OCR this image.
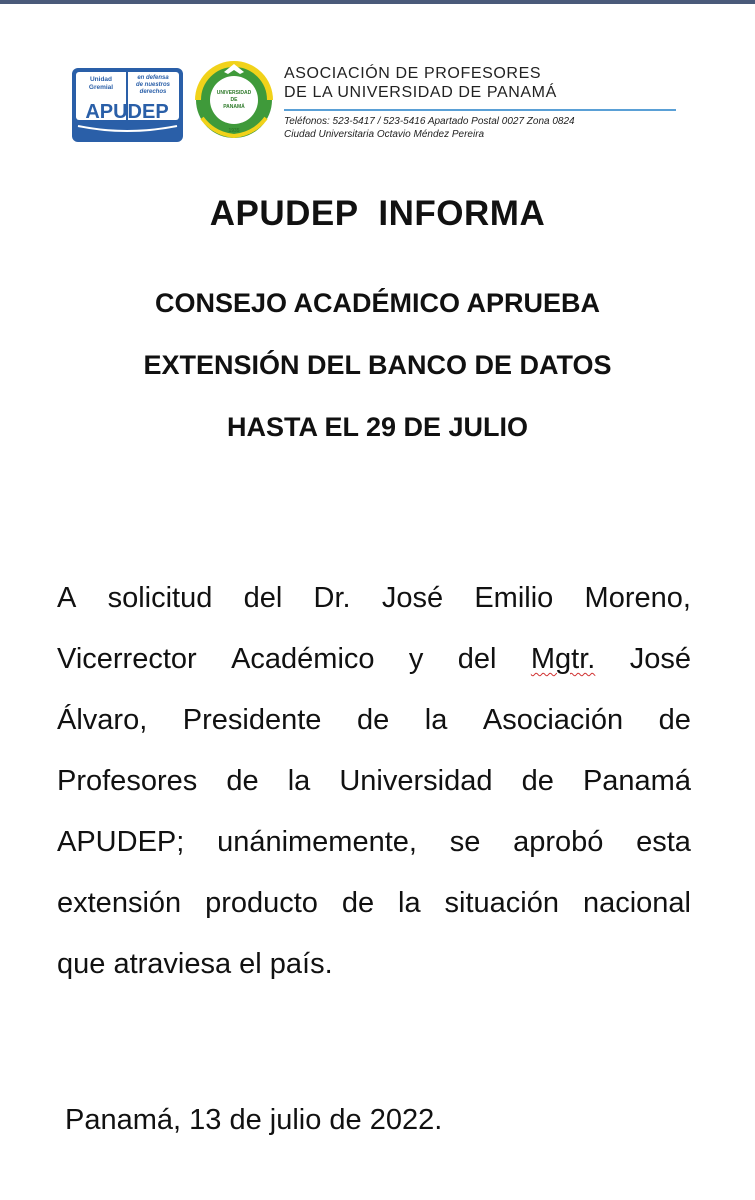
Unidad
Gremial
en defensa
de nuestros
derechos
APUDEP
UNIVERSIDAD
DE
PANAMÁ
1935
ASOCIACIÓN DE PROFESORES
DE LA UNIVERSIDAD DE PANAMÁ
Teléfonos: 523-5417 / 523-5416 Apartado Postal 0027 Zona 0824
Ciudad Universitaria Octavio Méndez Pereira
APUDEP  INFORMA
CONSEJO ACADÉMICO APRUEBA
EXTENSIÓN DEL BANCO DE DATOS
HASTA EL 29 DE JULIO
A solicitud del Dr. José Emilio Moreno,
Vicerrector Académico y del Mgtr. José
Álvaro, Presidente de la Asociación de
Profesores de la Universidad de Panamá
APUDEP; unánimemente, se aprobó esta
extensión producto de la situación nacional
que atraviesa el país.
Panamá, 13 de julio de 2022.
